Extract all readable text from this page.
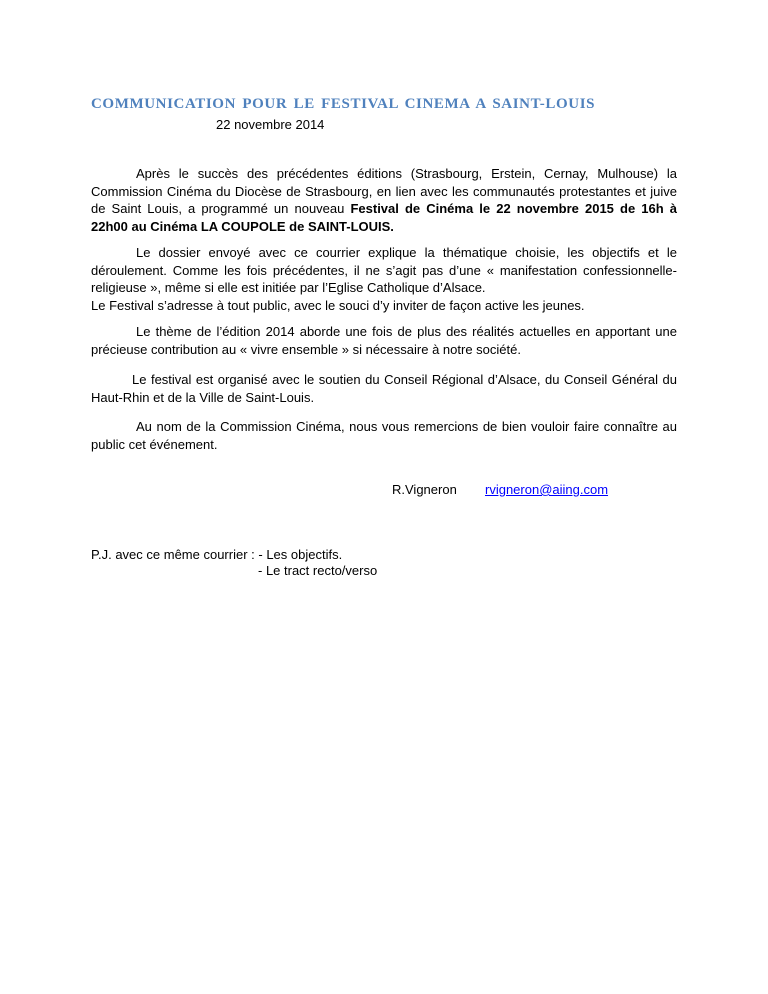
COMMUNICATION POUR LE FESTIVAL CINEMA A SAINT-LOUIS
22 novembre 2014
Après le succès des précédentes éditions (Strasbourg, Erstein, Cernay, Mulhouse) la Commission Cinéma du Diocèse de Strasbourg, en lien avec les communautés protestantes et juive de Saint Louis, a programmé un nouveau Festival de Cinéma le 22 novembre 2015 de 16h à 22h00 au Cinéma LA COUPOLE de SAINT-LOUIS.
Le dossier envoyé avec ce courrier explique la thématique choisie, les objectifs et le déroulement. Comme les fois précédentes, il ne s’agit pas d’une « manifestation confessionnelle-religieuse », même si elle est initiée par l’Eglise Catholique d’Alsace.
Le Festival s’adresse à tout public, avec le souci d’y inviter de façon active les jeunes.
Le thème de l’édition 2014 aborde une fois de plus des réalités actuelles en apportant une précieuse contribution au « vivre ensemble » si nécessaire à notre société.
Le festival est organisé avec le soutien du Conseil Régional d’Alsace, du Conseil Général du Haut-Rhin et de la Ville de Saint-Louis.
Au nom de la Commission Cinéma, nous vous remercions de bien vouloir faire connaître au public cet événement.
R.Vigneron rvigneron@aiing.com
P.J. avec ce même courrier : - Les objectifs.
- Le tract recto/verso
